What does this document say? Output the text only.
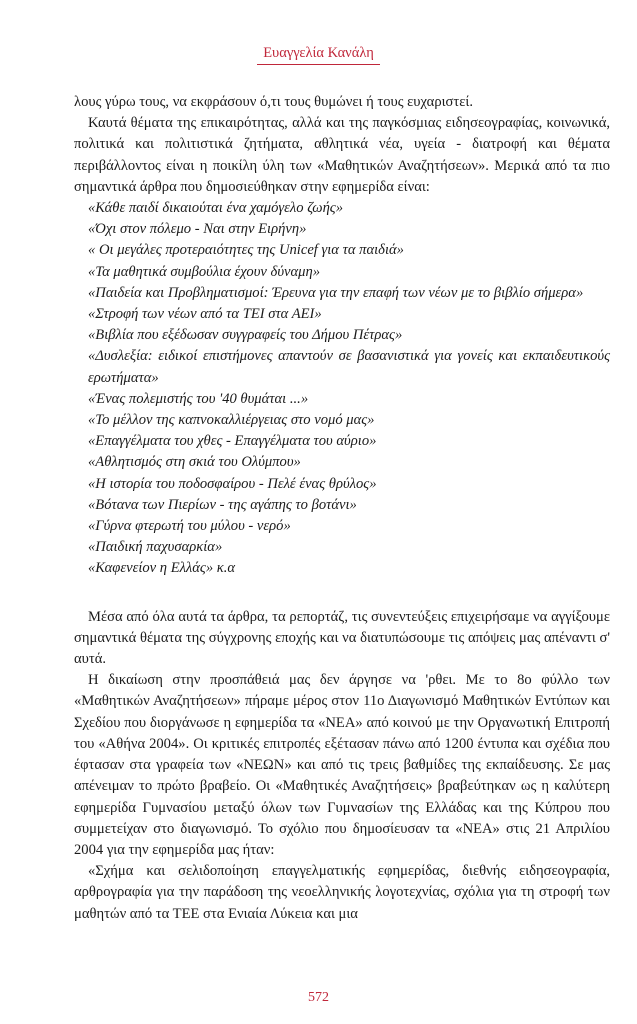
Ευαγγελία Κανάλη

λους γύρω τους, να εκφράσουν ό,τι τους θυμώνει ή τους ευχαριστεί.

Καυτά θέματα της επικαιρότητας, αλλά και της παγκόσμιας ειδησεογραφίας, κοινωνικά, πολιτικά και πολιτιστικά ζητήματα, αθλητικά νέα, υγεία - διατροφή και θέματα περιβάλλοντος είναι η ποικίλη ύλη των «Μαθητικών Αναζητήσεων». Μερικά από τα πιο σημαντικά άρθρα που δημοσιεύθηκαν στην εφημερίδα είναι:

«Κάθε παιδί δικαιούται ένα χαμόγελο ζωής»
«Όχι στον πόλεμο - Ναι στην Ειρήνη»
« Οι μεγάλες προτεραιότητες της Unicef για τα παιδιά»
«Τα μαθητικά συμβούλια έχουν δύναμη»
«Παιδεία και Προβληματισμοί: Έρευνα για την επαφή των νέων με το βιβλίο σήμερα»
«Στροφή των νέων από τα ΤΕΙ στα ΑΕΙ»
«Βιβλία που εξέδωσαν συγγραφείς του Δήμου Πέτρας»
«Δυσλεξία: ειδικοί επιστήμονες απαντούν σε βασανιστικά για γονείς και εκπαιδευτικούς ερωτήματα»
«Ένας πολεμιστής του '40 θυμάται ...»
«Το μέλλον της καπνοκαλλιέργειας στο νομό μας»
«Επαγγέλματα του χθες - Επαγγέλματα του αύριο»
«Αθλητισμός στη σκιά του Ολύμπου»
«Η ιστορία του ποδοσφαίρου - Πελέ ένας θρύλος»
«Βότανα των Πιερίων - της αγάπης το βοτάνι»
«Γύρνα φτερωτή του μύλου - νερό»
«Παιδική παχυσαρκία»
«Καφενείον η Ελλάς» κ.α

Μέσα από όλα αυτά τα άρθρα, τα ρεπορτάζ, τις συνεντεύξεις επιχειρήσαμε να αγγίξουμε σημαντικά θέματα της σύγχρονης εποχής και να διατυπώσουμε τις απόψεις μας απέναντι σ' αυτά.

Η δικαίωση στην προσπάθειά μας δεν άργησε να 'ρθει. Με το 8ο φύλλο των «Μαθητικών Αναζητήσεων» πήραμε μέρος στον 11ο Διαγωνισμό Μαθητικών Εντύπων και Σχεδίου που διοργάνωσε η εφημερίδα τα «ΝΕΑ» από κοινού με την Οργανωτική Επιτροπή του «Αθήνα 2004». Οι κριτικές επιτροπές εξέτασαν πάνω από 1200 έντυπα και σχέδια που έφτασαν στα γραφεία των «ΝΕΩΝ» και από τις τρεις βαθμίδες της εκπαίδευσης. Σε μας απένειμαν το πρώτο βραβείο. Οι «Μαθητικές Αναζητήσεις» βραβεύτηκαν ως η καλύτερη εφημερίδα Γυμνασίου μεταξύ όλων των Γυμνασίων της Ελλάδας και της Κύπρου που συμμετείχαν στο διαγωνισμό. Το σχόλιο που δημοσίευσαν τα «ΝΕΑ» στις 21 Απριλίου 2004 για την εφημερίδα μας ήταν:

«Σχήμα και σελιδοποίηση επαγγελματικής εφημερίδας, διεθνής ειδησεογραφία, αρθρογραφία για την παράδοση της νεοελληνικής λογοτεχνίας, σχόλια για τη στροφή των μαθητών από τα ΤΕΕ στα Ενιαία Λύκεια και μια

572
